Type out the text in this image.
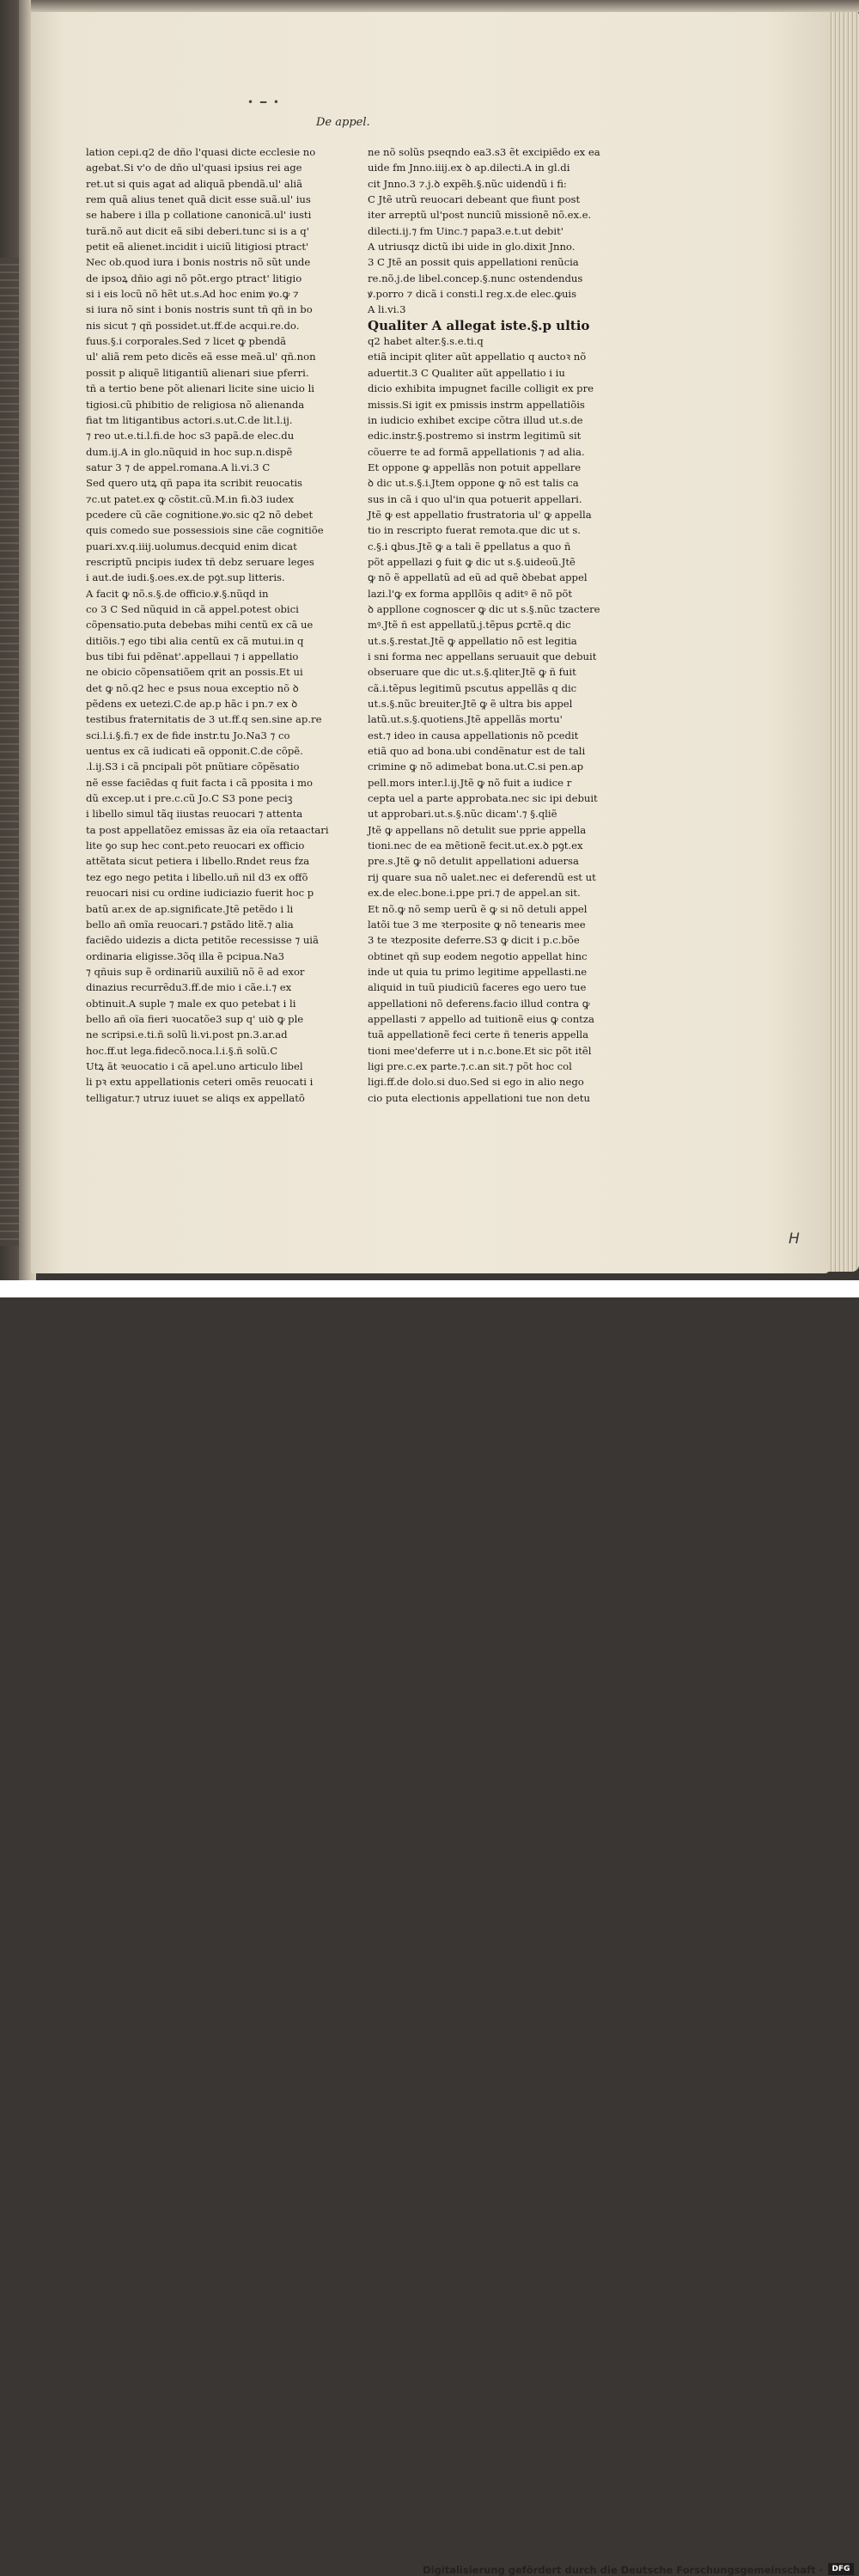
• ━ •
De appel.
lation cepi.q2 de dño l'quasi dicte ecclesie no
agebat.Si v'o de dño ul'quasi ipsius rei age
ret.ut si quis agat ad aliquã pbendã.ul' aliã
rem quã alius tenet quã dicit esse suã.ul' ius
se habere i illa p collatione canonicã.ul' iusti
turã.nõ aut dicit eã sibi deberi.tunc si is a q'
petit eã alienet.incidit i uiciũ litigiosi ptract'
Nec ob.quod iura i bonis nostris nõ sũt unde
de ipsoꝝ dñio agi nõ põt.ergo ptract' litigio
si i eis locũ nõ hẽt ut.s.Ad hoc enim ꝟo.ꝙ ⁊
si iura nõ sint i bonis nostris sunt tñ qñ in bo
nis sicut ⁊ qñ possidet.ut.ff.de acqui.re.do.
fuus.§.i corporales.Sed ⁊ licet ꝙ pbendã
ul' aliã rem peto dicẽs eã esse meã.ul' qñ.non
possit p aliquẽ litigantiũ alienari siue pferri.
tñ a tertio bene põt alienari licite sine uicio li
tigiosi.cũ phibitio de religiosa nõ alienanda
fiat tm litigantibus actori.s.ut.C.de lit.l.ij.
⁊ reo ut.e.ti.l.fi.de hoc s3 papã.de elec.du
dum.ij.A in glo.nũquid in hoc sup.n.dispẽ
satur 3 ⁊ de appel.romana.A li.vi.3 C
Sed quero utꝝ qñ papa ita scribit reuocatis
⁊c.ut patet.ex ꝙ cõstit.cũ.M.in fi.ꝺ3 iudex
pcedere cũ cãe cognitione.ꝟo.sic q2 nõ debet
quis comedo sue possessiois sine cãe cognitiõe
puari.xv.q.iiij.uolumus.decquid enim dicat
rescriptũ pncipis iudex tñ debz seruare leges
i aut.de iudi.§.oes.ex.de pꝯt.sup litteris.
A facit ꝙ nõ.s.§.de officio.ꝟ.§.nũqd in
co 3 C Sed nũquid in cã appel.potest obici
cõpensatio.puta debebas mihi centũ ex cã ue
ditiõis.⁊ ego tibi alia centũ ex cã mutui.in q
bus tibi fui pdẽnat'.appellaui ⁊ i appellatio
ne obicio cõpensatiõem qrit an possis.Et ui
det ꝙ nõ.q2 hec e psus noua exceptio nõ ꝺ
pẽdens ex uetezi.C.de ap.p hãc i pn.⁊ ex ꝺ
testibus fraternitatis de 3 ut.ff.q sen.sine ap.re
sci.l.i.§.fi.⁊ ex de fide instr.tu Jo.Na3 ⁊ co
uentus ex cã iudicati eã opponit.C.de cõpẽ.
.l.ij.S3 i cã pncipali põt pnũtiare cõpẽsatio
nẽ esse faciẽdas q fuit facta i cã pposita i mo
dũ excep.ut i pre.c.cũ Jo.C S3 pone peciꝫ
i libello simul tãq iiustas reuocari ⁊ attenta
ta post appellatõez emissas ãz eia oĩa retaactari
lite ꝯo sup hec cont.peto reuocari ex officio
attẽtata sicut petiera i libello.Rndet reus fza
tez ego nego petita i libello.uñ nil d3 ex offõ
reuocari nisi cu ordine iudiciazio fuerit hoc p
batũ ar.ex de ap.significate.Jtẽ petẽdo i li
bello añ omĩa reuocari.⁊ ꝑstãdo litẽ.⁊ alia
faciẽdo uidezis a dicta petitõe recessisse ⁊ uiã
ordinaria eligisse.3õq illa ẽ pcipua.Na3
⁊ qñuis sup ẽ ordinariũ auxiliũ nõ ẽ ad exor
dinazius recurrẽdu3.ff.de mio i cãe.i.⁊ ex
obtinuit.A suple ⁊ male ex quo petebat i li
bello añ oĩa fieri ꝛuocatõe3 sup q' uiꝺ ꝙ ple
ne scripsi.e.ti.ñ solũ li.vi.post pn.3.ar.ad
hoc.ff.ut lega.fidecõ.noca.l.i.§.ñ solũ.C
Utꝝ āt ꝛeuocatio i cã apel.uno articulo libel
li pꝛ extu appellationis ceteri omẽs reuocati i
telligatur.⁊ utruz iuuet se aliqs ex appellatõ
ne nõ solũs pseqndo ea3.s3 ẽt excipiẽdo ex ea
uide fm Jnno.iiij.ex ꝺ ap.dilecti.A in gl.di
cit Jnno.3 ⁊.j.ꝺ expẽh.§.nũc uidendũ i fi:
C Jtẽ utrũ reuocari debeant que fiunt post
iter arreptũ ul'post nunciũ missionẽ nõ.ex.e.
dilecti.ij.⁊ fm Uinc.⁊ papa3.e.t.ut debit'
A utriusqz dictũ ibi uide in glo.dixit Jnno.
3 C Jtẽ an possit quis appellationi renũcia
re.nõ.j.de libel.concep.§.nunc ostendendus
ꝟ.porro ⁊ dicã i consti.l reg.x.de elec.ꝙuis
A li.vi.3
Qualiter A allegat iste.§.p ultio
q2 habet alter.§.s.e.ti.q
etiã incipit qliter aũt appellatio q auctoꝛ nõ
aduertit.3 C Qualiter aũt appellatio i iu
dicio exhibita impugnet facille colligit ex pre
missis.Si igit ex pmissis instrm appellatiõis
in iudicio exhibet excipe cõtra illud ut.s.de
edic.instr.§.postremo si instrm legitimũ sit
cõuerre te ad formã appellationis ⁊ ad alia.
Et oppone ꝙ appellãs non potuit appellare
ꝺ dic ut.s.§.i.Jtem oppone ꝙ nõ est talis ca
sus in cã i quo ul'in qua potuerit appellari.
Jtẽ ꝙ est appellatio frustratoria ul' ꝙ appella
tio in rescripto fuerat remota.que dic ut s.
c.§.i ꝗbus.Jtẽ ꝙ a tali ẽ ꝑpellatus a quo ñ
põt appellazi ꝯ fuit ꝙ dic ut s.§.uideoũ.Jtẽ
ꝙ nõ ẽ appellatũ ad eũ ad quẽ ꝺbebat appel
lazi.l'ꝙ ex forma appllõis q aditꝰ ẽ nõ põt
ꝺ appllone cognoscer ꝙ dic ut s.§.nũc tzactere
mꝰ.Jtẽ ñ est appellatũ.j.tẽpus ꝑcrtẽ.q dic
ut.s.§.restat.Jtẽ ꝙ appellatio nõ est legitia
i sni forma nec appellans seruauit que debuit
obseruare que dic ut.s.§.qliter.Jtẽ ꝙ ñ fuit
cã.i.tẽpus legitimũ pscutus appellãs q dic
ut.s.§.nũc breuiter.Jtẽ ꝙ ẽ ultra bis appel
latũ.ut.s.§.quotiens.Jtẽ appellãs mortu'
est.⁊ ideo in causa appellationis nõ pcedit
etiã quo ad bona.ubi condẽnatur est de tali
crimine ꝙ nõ adimebat bona.ut.C.si pen.ap
pell.mors inter.l.ij.Jtẽ ꝙ nõ fuit a iudice r
cepta uel a parte approbata.nec sic ipi debuit
ut approbari.ut.s.§.nũc dicam'.⁊ §.qliẽ
Jtẽ ꝙ appellans nõ detulit sue pprie appella
tioni.nec de ea mẽtionẽ fecit.ut.ex.ꝺ pꝯt.ex
pre.s.Jtẽ ꝙ nõ detulit appellationi aduersa
rij quare sua nõ ualet.nec ei deferendũ est ut
ex.de elec.bone.i.ppe pri.⁊ de appel.an sit.
Et nõ.ꝙ nõ semp uerũ ẽ ꝙ si nõ detuli appel
latõi tue 3 me ꝛterposite ꝙ nõ tenearis mee
3 te ꝛtezposite deferre.S3 ꝙ dicit i p.c.bõe
obtinet qñ sup eodem negotio appellat hinc
inde ut quia tu primo legitime appellasti.ne
aliquid in tuũ piudiciũ faceres ego uero tue
appellationi nõ deferens.facio illud contra ꝙ
appellasti ⁊ appello ad tuitionẽ eius ꝙ contza
tuã appellationẽ feci certe ñ teneris appella
tioni mee'deferre ut i n.c.bone.Et sic põt itẽl
ligi pre.c.ex parte.⁊.c.an sit.⁊ põt hoc col
ligi.ff.de dolo.si duo.Sed si ego in alio nego
cio puta electionis appellationi tue non detu
H
Digitalisierung gefördert durch die Deutsche Forschungsgemeinschaft ·	DFG
